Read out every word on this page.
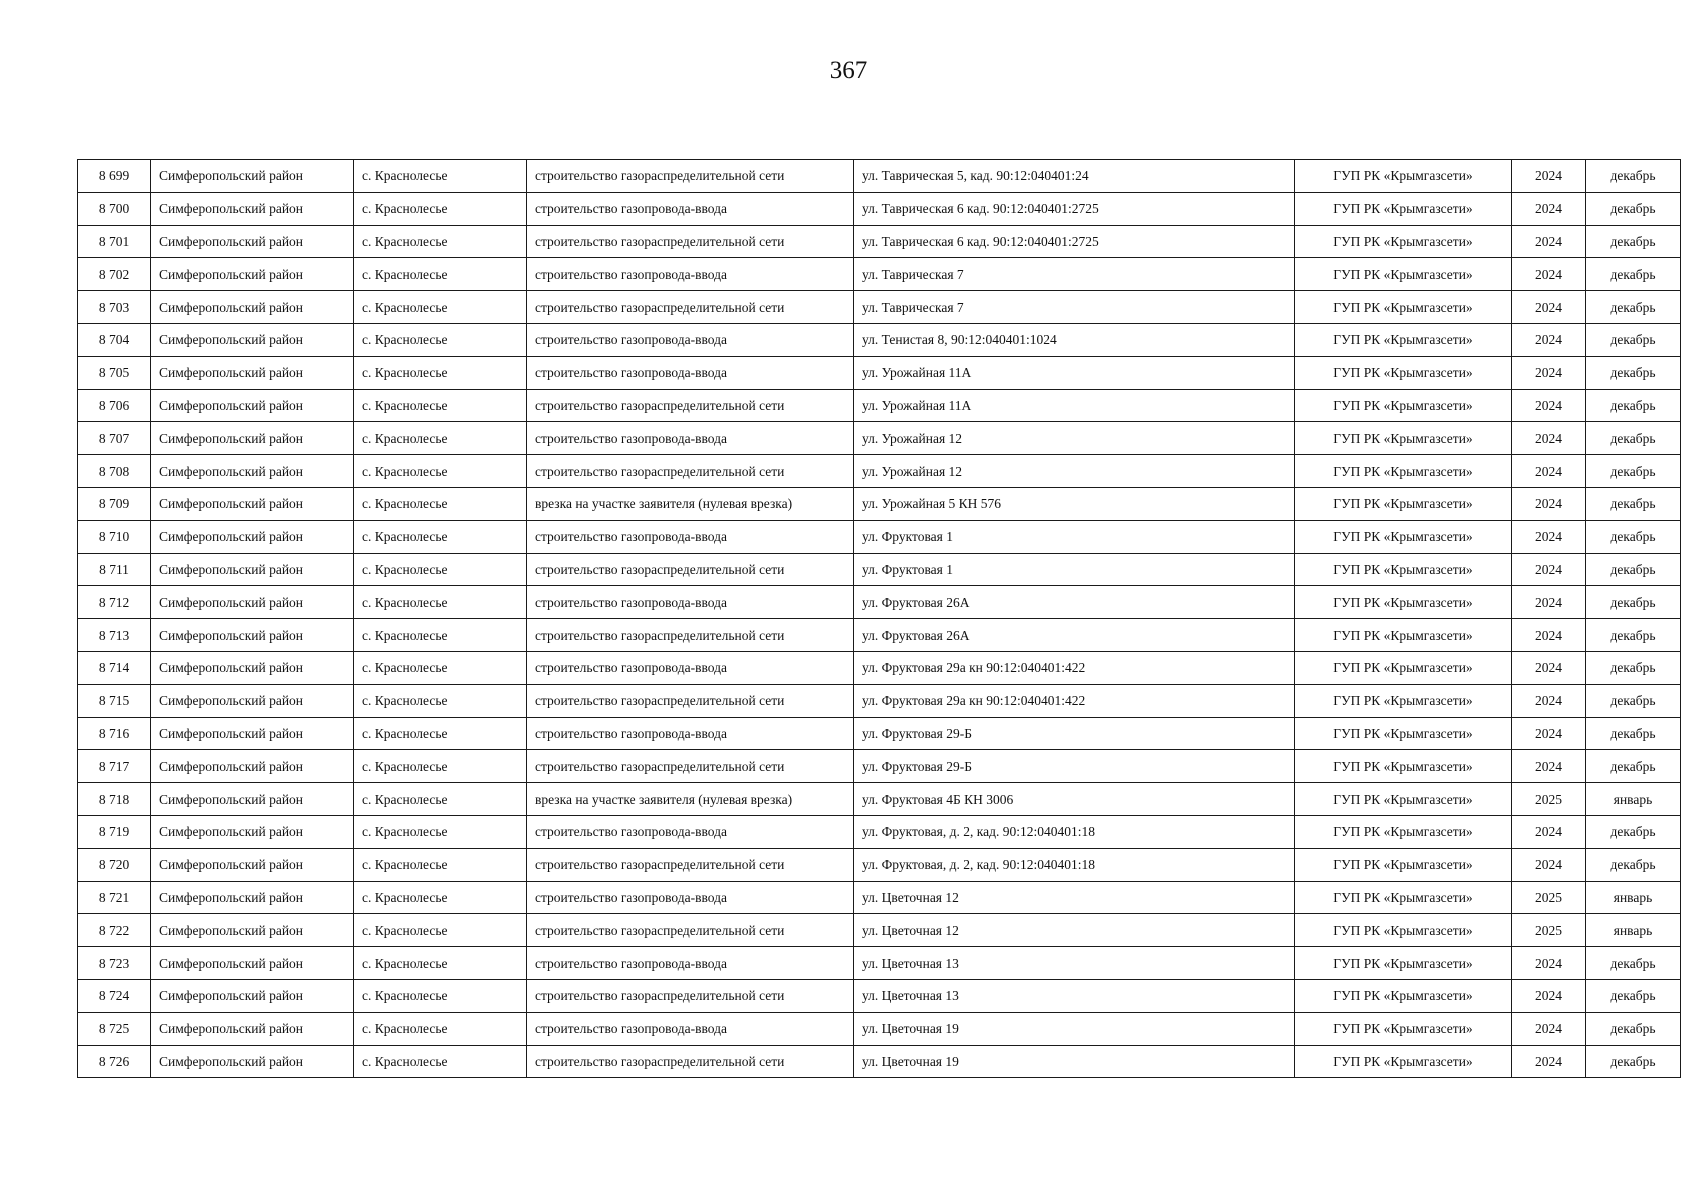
367
8 699	Симферопольский район	с. Краснолесье	строительство газораспределительной сети	ул. Таврическая 5, кад. 90:12:040401:24	ГУП РК «Крымгазсети»	2024	декабрь
8 700	Симферопольский район	с. Краснолесье	строительство газопровода-ввода	ул. Таврическая 6 кад. 90:12:040401:2725	ГУП РК «Крымгазсети»	2024	декабрь
8 701	Симферопольский район	с. Краснолесье	строительство газораспределительной сети	ул. Таврическая 6 кад. 90:12:040401:2725	ГУП РК «Крымгазсети»	2024	декабрь
8 702	Симферопольский район	с. Краснолесье	строительство газопровода-ввода	ул. Таврическая 7	ГУП РК «Крымгазсети»	2024	декабрь
8 703	Симферопольский район	с. Краснолесье	строительство газораспределительной сети	ул. Таврическая 7	ГУП РК «Крымгазсети»	2024	декабрь
8 704	Симферопольский район	с. Краснолесье	строительство газопровода-ввода	ул. Тенистая 8, 90:12:040401:1024	ГУП РК «Крымгазсети»	2024	декабрь
8 705	Симферопольский район	с. Краснолесье	строительство газопровода-ввода	ул. Урожайная 11А	ГУП РК «Крымгазсети»	2024	декабрь
8 706	Симферопольский район	с. Краснолесье	строительство газораспределительной сети	ул. Урожайная 11А	ГУП РК «Крымгазсети»	2024	декабрь
8 707	Симферопольский район	с. Краснолесье	строительство газопровода-ввода	ул. Урожайная 12	ГУП РК «Крымгазсети»	2024	декабрь
8 708	Симферопольский район	с. Краснолесье	строительство газораспределительной сети	ул. Урожайная 12	ГУП РК «Крымгазсети»	2024	декабрь
8 709	Симферопольский район	с. Краснолесье	врезка на участке заявителя (нулевая врезка)	ул. Урожайная 5 КН 576	ГУП РК «Крымгазсети»	2024	декабрь
8 710	Симферопольский район	с. Краснолесье	строительство газопровода-ввода	ул. Фруктовая 1	ГУП РК «Крымгазсети»	2024	декабрь
8 711	Симферопольский район	с. Краснолесье	строительство газораспределительной сети	ул. Фруктовая 1	ГУП РК «Крымгазсети»	2024	декабрь
8 712	Симферопольский район	с. Краснолесье	строительство газопровода-ввода	ул. Фруктовая 26А	ГУП РК «Крымгазсети»	2024	декабрь
8 713	Симферопольский район	с. Краснолесье	строительство газораспределительной сети	ул. Фруктовая 26А	ГУП РК «Крымгазсети»	2024	декабрь
8 714	Симферопольский район	с. Краснолесье	строительство газопровода-ввода	ул. Фруктовая 29а кн 90:12:040401:422	ГУП РК «Крымгазсети»	2024	декабрь
8 715	Симферопольский район	с. Краснолесье	строительство газораспределительной сети	ул. Фруктовая 29а кн 90:12:040401:422	ГУП РК «Крымгазсети»	2024	декабрь
8 716	Симферопольский район	с. Краснолесье	строительство газопровода-ввода	ул. Фруктовая 29-Б	ГУП РК «Крымгазсети»	2024	декабрь
8 717	Симферопольский район	с. Краснолесье	строительство газораспределительной сети	ул. Фруктовая 29-Б	ГУП РК «Крымгазсети»	2024	декабрь
8 718	Симферопольский район	с. Краснолесье	врезка на участке заявителя (нулевая врезка)	ул. Фруктовая 4Б КН 3006	ГУП РК «Крымгазсети»	2025	январь
8 719	Симферопольский район	с. Краснолесье	строительство газопровода-ввода	ул. Фруктовая, д. 2, кад. 90:12:040401:18	ГУП РК «Крымгазсети»	2024	декабрь
8 720	Симферопольский район	с. Краснолесье	строительство газораспределительной сети	ул. Фруктовая, д. 2, кад. 90:12:040401:18	ГУП РК «Крымгазсети»	2024	декабрь
8 721	Симферопольский район	с. Краснолесье	строительство газопровода-ввода	ул. Цветочная 12	ГУП РК «Крымгазсети»	2025	январь
8 722	Симферопольский район	с. Краснолесье	строительство газораспределительной сети	ул. Цветочная 12	ГУП РК «Крымгазсети»	2025	январь
8 723	Симферопольский район	с. Краснолесье	строительство газопровода-ввода	ул. Цветочная 13	ГУП РК «Крымгазсети»	2024	декабрь
8 724	Симферопольский район	с. Краснолесье	строительство газораспределительной сети	ул. Цветочная 13	ГУП РК «Крымгазсети»	2024	декабрь
8 725	Симферопольский район	с. Краснолесье	строительство газопровода-ввода	ул. Цветочная 19	ГУП РК «Крымгазсети»	2024	декабрь
8 726	Симферопольский район	с. Краснолесье	строительство газораспределительной сети	ул. Цветочная 19	ГУП РК «Крымгазсети»	2024	декабрь
